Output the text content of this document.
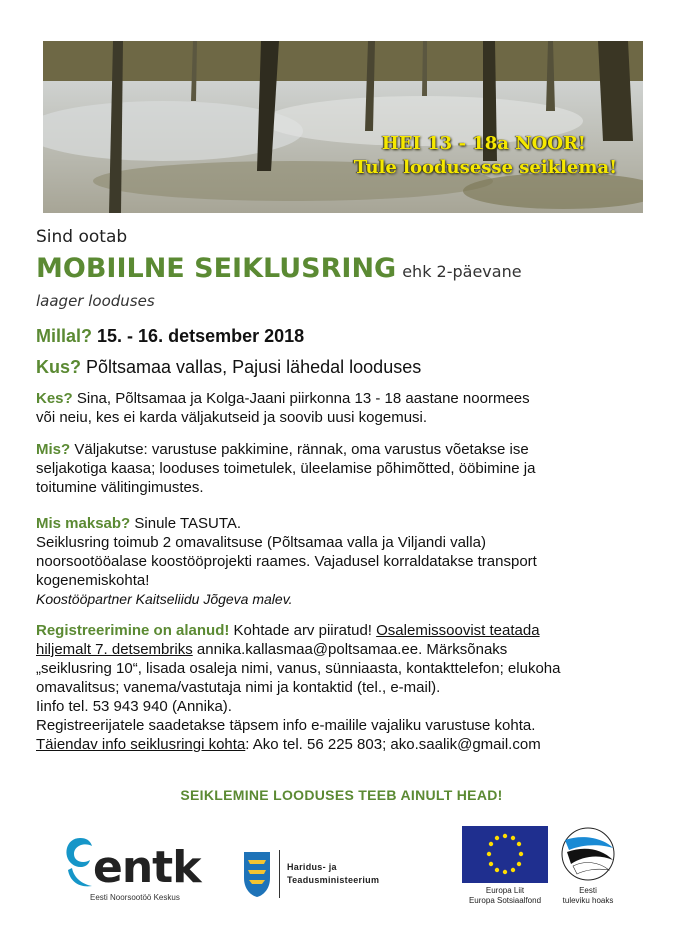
HEI 13 - 18a NOOR!
Tule loodusesse seiklema!
Sind ootab
MOBIILNE SEIKLUSRING ehk 2-päevane
laager looduses
Millal? 15. - 16. detsember 2018
Kus? Põltsamaa vallas, Pajusi lähedal looduses
Kes? Sina, Põltsamaa ja Kolga-Jaani piirkonna 13 - 18 aastane noormees
või neiu, kes ei karda väljakutseid ja soovib uusi kogemusi.
Mis? Väljakutse: varustuse pakkimine, rännak, oma varustus võetakse ise
seljakotiga kaasa; looduses toimetulek, üleelamise põhimõtted, ööbimine ja
toitumine välitingimustes.
Mis maksab? Sinule TASUTA.
Seiklusring toimub 2 omavalitsuse (Põltsamaa valla ja Viljandi valla)
noorsootööalase koostööprojekti raames. Vajadusel korraldatakse transport
kogenemiskohta!
Koostööpartner Kaitseliidu Jõgeva malev.
Registreerimine on alanud! Kohtade arv piiratud! Osalemissoovist teatada
hiljemalt 7. detsembriks annika.kallasmaa@poltsamaa.ee. Märksõnaks
„seiklusring 10“, lisada osaleja nimi, vanus, sünniaasta, kontakttelefon; elukoha
omavalitsus; vanema/vastutaja nimi ja kontaktid (tel., e-mail).
Iinfo tel. 53 943 940 (Annika).
Registreerijatele saadetakse täpsem info e-mailile vajaliku varustuse kohta.
Täiendav info seiklusringi kohta: Ako tel. 56 225 803; ako.saalik@gmail.com
SEIKLEMINE LOODUSES TEEB AINULT HEAD!
entk
Eesti Noorsootöö Keskus
Haridus- ja
Teadusministeerium
Europa Liit
Europa Sotsiaalfond
Eesti
tuleviku hoaks
